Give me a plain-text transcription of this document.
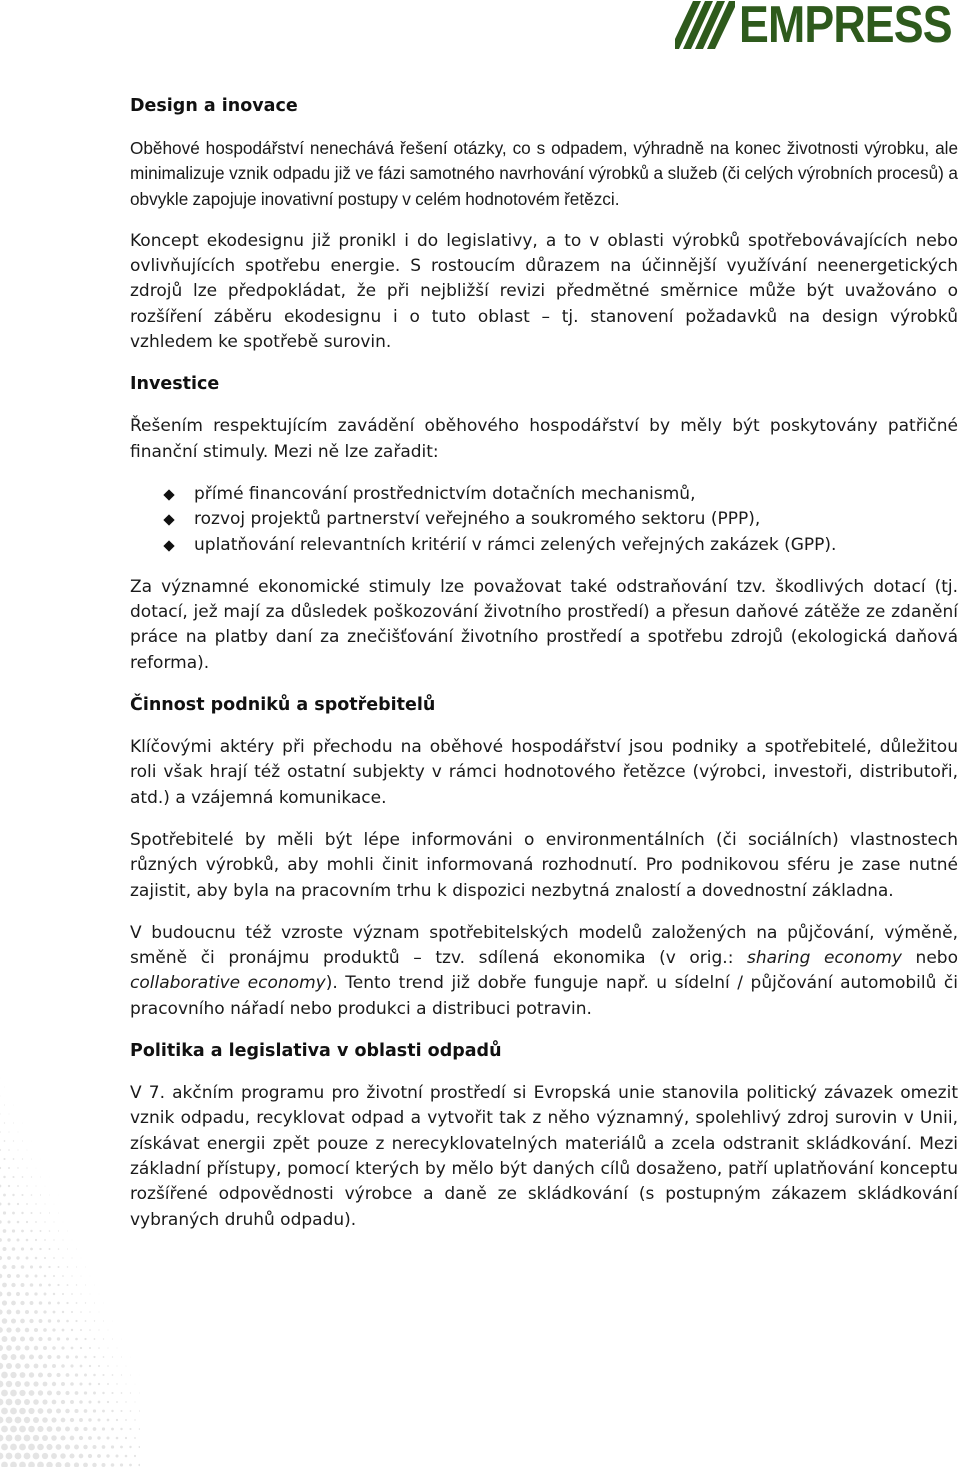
EMPRESS
Design a inovace

Oběhové hospodářství nenechává řešení otázky, co s odpadem, výhradně na konec životnosti výrobku, ale minimalizuje vznik odpadu již ve fázi samotného navrhování výrobků a služeb (či celých výrobních procesů) a obvykle zapojuje inovativní postupy v celém hodnotovém řetězci.

Koncept ekodesignu již pronikl i do legislativy, a to v oblasti výrobků spotřebovávajících nebo ovlivňujících spotřebu energie. S rostoucím důrazem na účinnější využívání neenergetických zdrojů lze předpokládat, že při nejbližší revizi předmětné směrnice může být uvažováno o rozšíření záběru ekodesignu i o tuto oblast – tj. stanovení požadavků na design výrobků vzhledem ke spotřebě surovin.

Investice

Řešením respektujícím zavádění oběhového hospodářství by měly být poskytovány patřičné finanční stimuly. Mezi ně lze zařadit:

přímé financování prostřednictvím dotačních mechanismů,
rozvoj projektů partnerství veřejného a soukromého sektoru (PPP),
uplatňování relevantních kritérií v rámci zelených veřejných zakázek (GPP).

Za významné ekonomické stimuly lze považovat také odstraňování tzv. škodlivých dotací (tj. dotací, jež mají za důsledek poškozování životního prostředí) a přesun daňové zátěže ze zdanění práce na platby daní za znečišťování životního prostředí a spotřebu zdrojů (ekologická daňová reforma).

Činnost podniků a spotřebitelů

Klíčovými aktéry při přechodu na oběhové hospodářství jsou podniky a spotřebitelé, důležitou roli však hrají též ostatní subjekty v rámci hodnotového řetězce (výrobci, investoři, distributoři, atd.) a vzájemná komunikace.

Spotřebitelé by měli být lépe informováni o environmentálních (či sociálních) vlastnostech různých výrobků, aby mohli činit informovaná rozhodnutí. Pro podnikovou sféru je zase nutné zajistit, aby byla na pracovním trhu k dispozici nezbytná znalostí a dovednostní základna.

V budoucnu též vzroste význam spotřebitelských modelů založených na půjčování, výměně, směně či pronájmu produktů – tzv. sdílená ekonomika (v orig.: sharing economy nebo collaborative economy). Tento trend již dobře funguje např. u sídelní / půjčování automobilů či pracovního nářadí nebo produkci a distribuci potravin.

Politika a legislativa v oblasti odpadů

V 7. akčním programu pro životní prostředí si Evropská unie stanovila politický závazek omezit vznik odpadu, recyklovat odpad a vytvořit tak z něho významný, spolehlivý zdroj surovin v Unii, získávat energii zpět pouze z nerecyklovatelných materiálů a zcela odstranit skládkování. Mezi základní přístupy, pomocí kterých by mělo být daných cílů dosaženo, patří uplatňování konceptu rozšířené odpovědnosti výrobce a daně ze skládkování (s postupným zákazem skládkování vybraných druhů odpadu).
